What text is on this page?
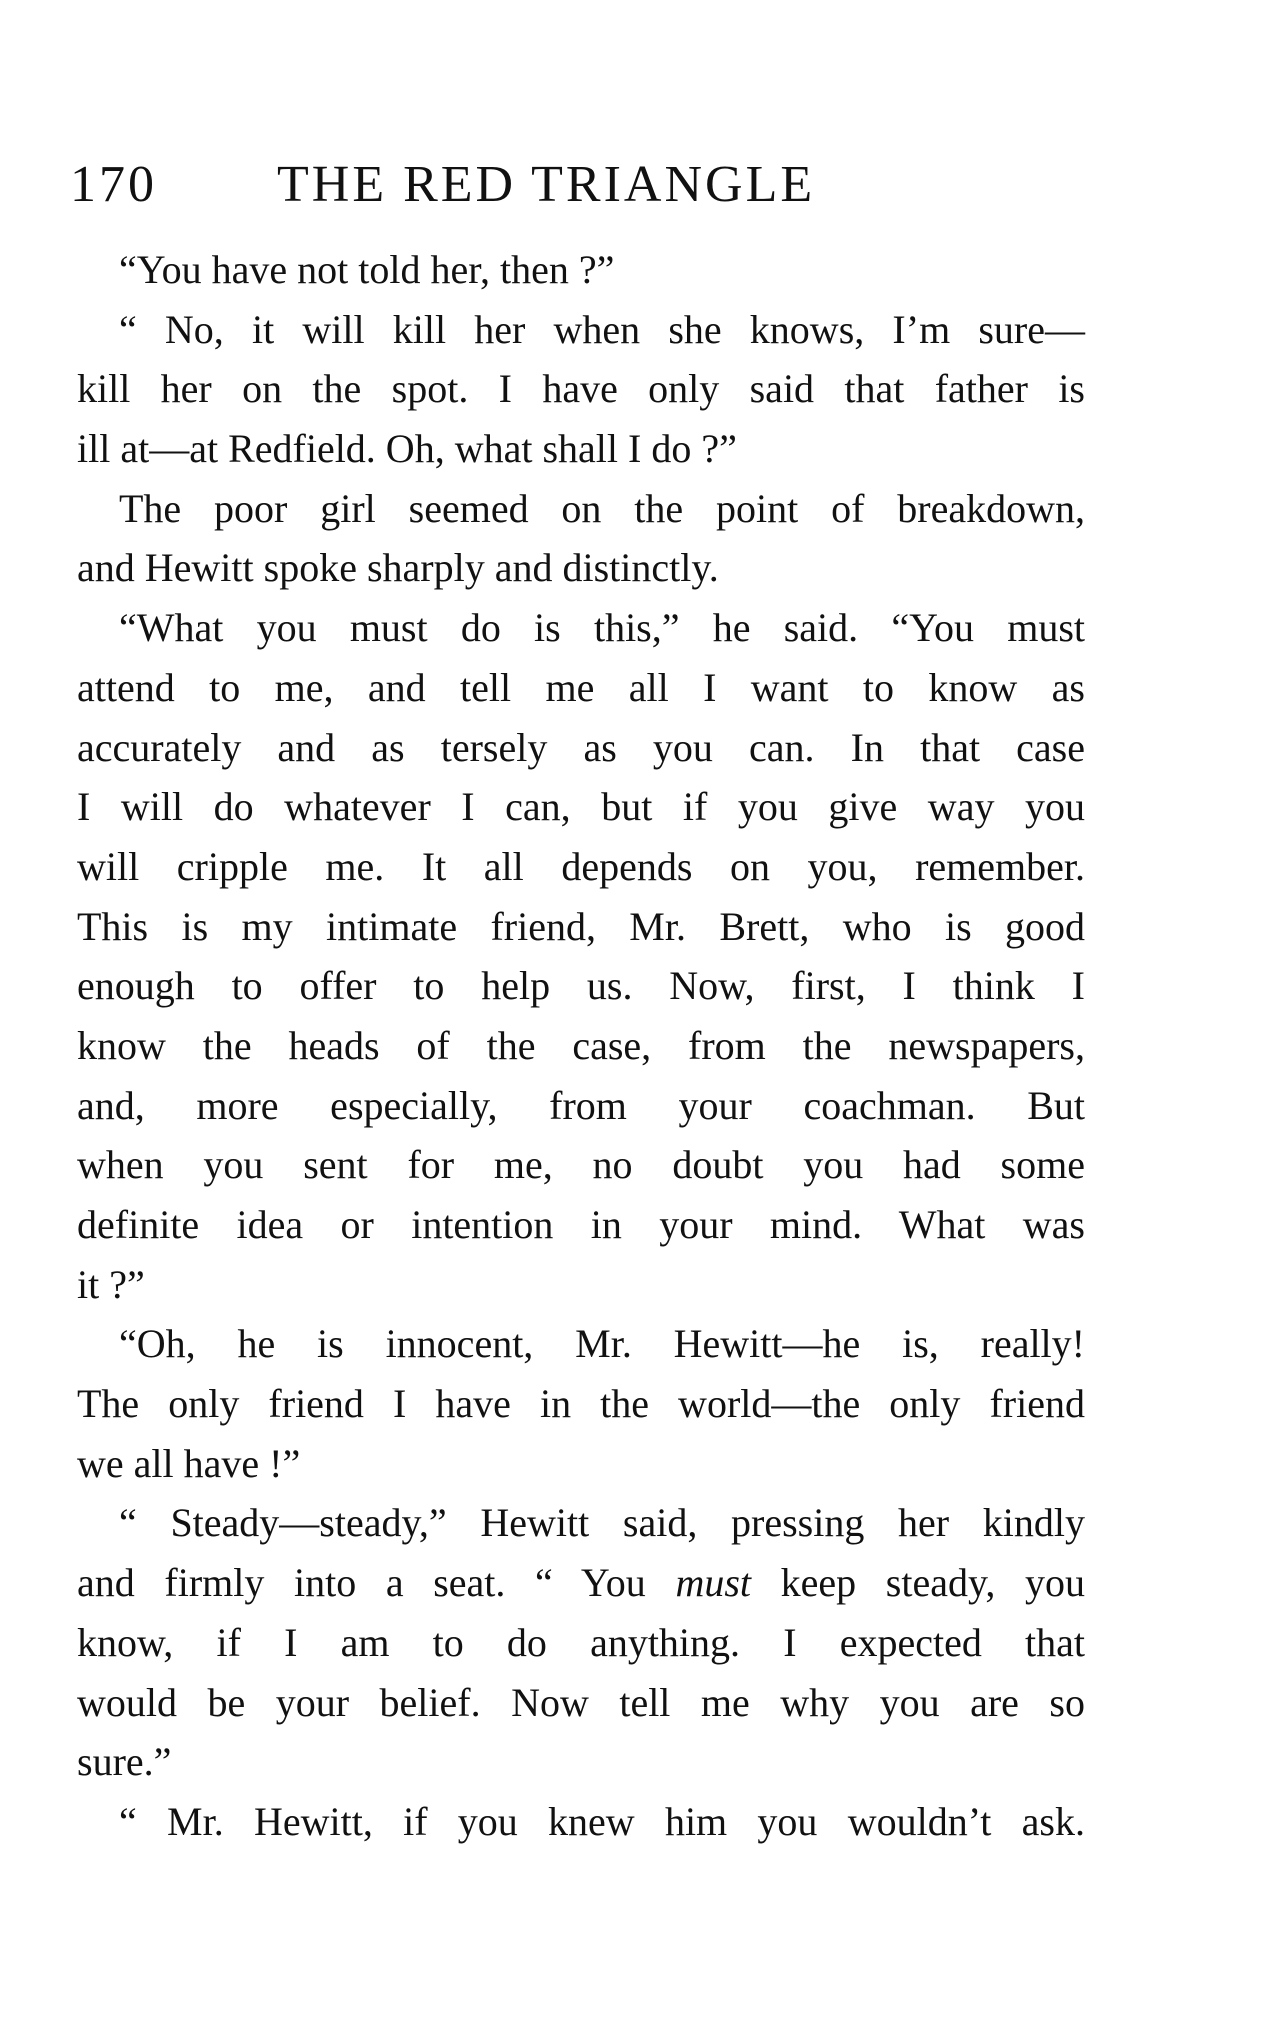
170 THE RED TRIANGLE
“You have not told her, then ?”
“ No, it will kill her when she knows, I’m sure—
kill her on the spot. I have only said that father is
ill at—at Redfield. Oh, what shall I do ?”
The poor girl seemed on the point of breakdown,
and Hewitt spoke sharply and distinctly.
“What you must do is this,” he said. “You must
attend to me, and tell me all I want to know as
accurately and as tersely as you can. In that case
I will do whatever I can, but if you give way you
will cripple me. It all depends on you, remember.
This is my intimate friend, Mr. Brett, who is good
enough to offer to help us. Now, first, I think I
know the heads of the case, from the newspapers,
and, more especially, from your coachman. But
when you sent for me, no doubt you had some
definite idea or intention in your mind. What was
it ?”
“Oh, he is innocent, Mr. Hewitt—he is, really!
The only friend I have in the world—the only friend
we all have !”
“ Steady—steady,” Hewitt said, pressing her kindly
and firmly into a seat. “ You must keep steady, you
know, if I am to do anything. I expected that
would be your belief. Now tell me why you are so
sure.”
“ Mr. Hewitt, if you knew him you wouldn’t ask.
